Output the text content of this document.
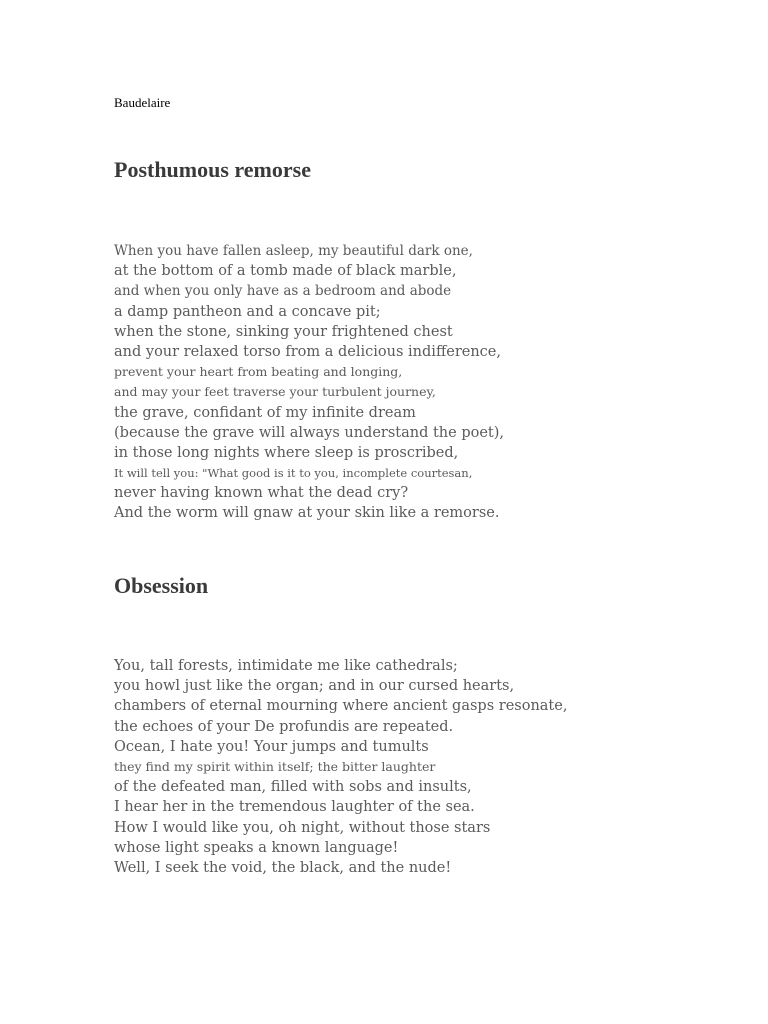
Baudelaire
Posthumous remorse
When you have fallen asleep, my beautiful dark one,
at the bottom of a tomb made of black marble,
and when you only have as a bedroom and abode
a damp pantheon and a concave pit;
when the stone, sinking your frightened chest
and your relaxed torso from a delicious indifference,
prevent your heart from beating and longing,
and may your feet traverse your turbulent journey,
the grave, confidant of my infinite dream
(because the grave will always understand the poet),
in those long nights where sleep is proscribed,
It will tell you: "What good is it to you, incomplete courtesan,
never having known what the dead cry?
And the worm will gnaw at your skin like a remorse.
Obsession
You, tall forests, intimidate me like cathedrals;
you howl just like the organ; and in our cursed hearts,
chambers of eternal mourning where ancient gasps resonate,
the echoes of your De profundis are repeated.
Ocean, I hate you! Your jumps and tumults
they find my spirit within itself; the bitter laughter
of the defeated man, filled with sobs and insults,
I hear her in the tremendous laughter of the sea.
How I would like you, oh night, without those stars
whose light speaks a known language!
Well, I seek the void, the black, and the nude!
